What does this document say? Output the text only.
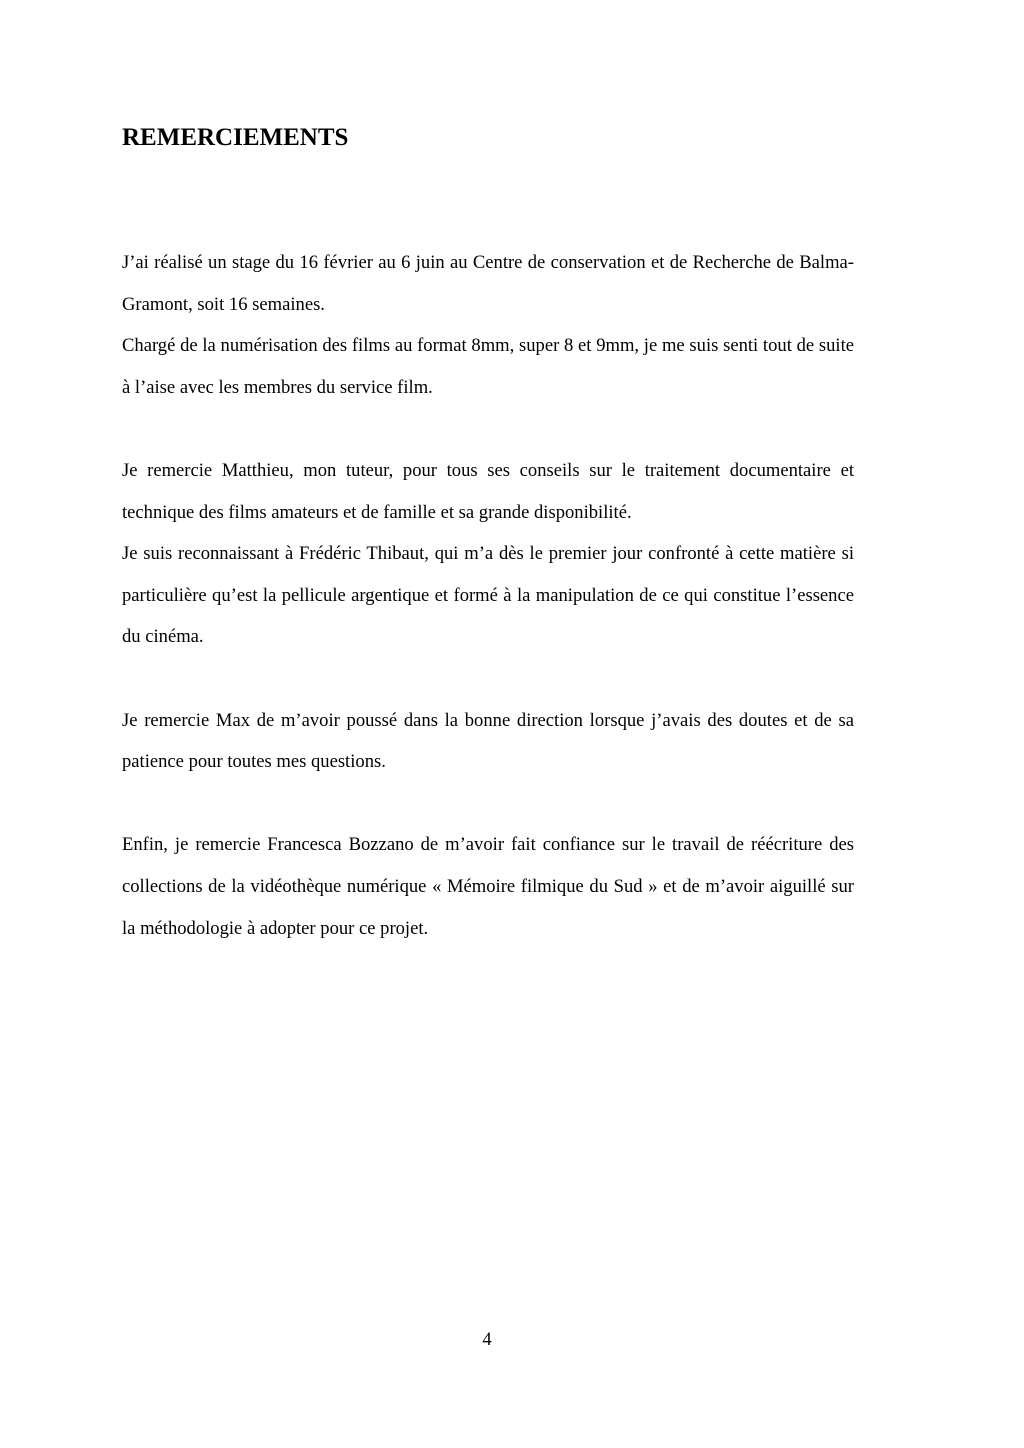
REMERCIEMENTS

J’ai réalisé un stage du 16 février au 6 juin au Centre de conservation et de Recherche de Balma-Gramont, soit 16 semaines.

Chargé de la numérisation des films au format 8mm, super 8 et 9mm, je me suis senti tout de suite à l’aise avec les membres du service film.

Je remercie Matthieu, mon tuteur, pour tous ses conseils sur le traitement documentaire et technique des films amateurs et de famille et sa grande disponibilité.

Je suis reconnaissant à Frédéric Thibaut, qui m’a dès le premier jour confronté à cette matière si particulière qu’est la pellicule argentique et formé à la manipulation de ce qui constitue l’essence du cinéma.

Je remercie Max de m’avoir poussé dans la bonne direction lorsque j’avais des doutes et de sa patience pour toutes mes questions.

Enfin, je remercie Francesca Bozzano de m’avoir fait confiance sur le travail de réécriture des collections de la vidéothèque numérique « Mémoire filmique du Sud » et de m’avoir aiguillé sur la méthodologie à adopter pour ce projet.

4
